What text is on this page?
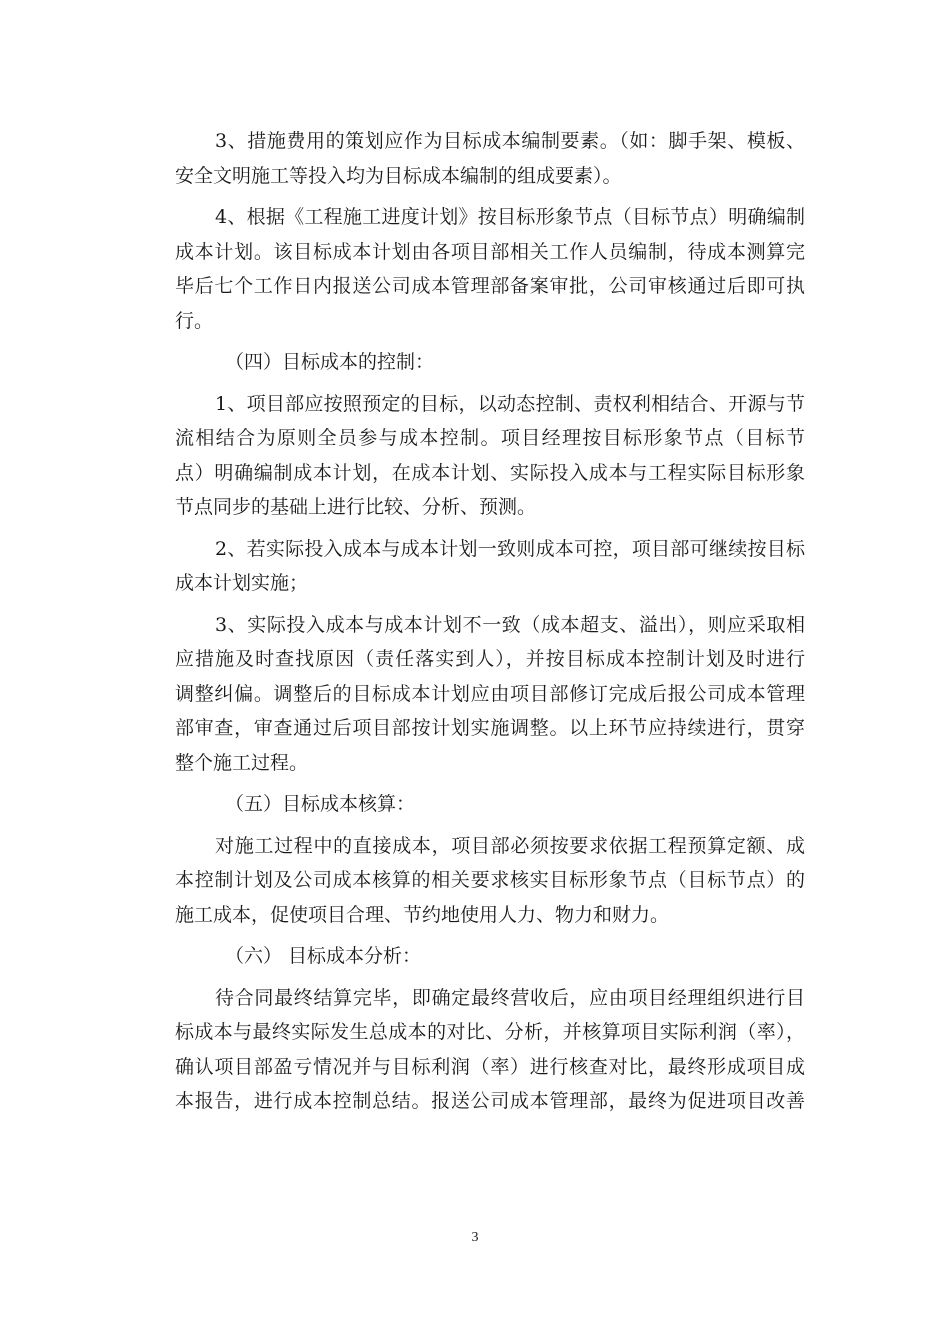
3、措施费用的策划应作为目标成本编制要素。（如：脚手架、模板、
安全文明施工等投入均为目标成本编制的组成要素）。
4、根据《工程施工进度计划》按目标形象节点（目标节点）明确编制
成本计划。该目标成本计划由各项目部相关工作人员编制，待成本测算完
毕后七个工作日内报送公司成本管理部备案审批，公司审核通过后即可执
行。
（四）目标成本的控制：
1、项目部应按照预定的目标，以动态控制、责权利相结合、开源与节
流相结合为原则全员参与成本控制。项目经理按目标形象节点（目标节
点）明确编制成本计划，在成本计划、实际投入成本与工程实际目标形象
节点同步的基础上进行比较、分析、预测。
2、若实际投入成本与成本计划一致则成本可控，项目部可继续按目标
成本计划实施；
3、实际投入成本与成本计划不一致（成本超支、溢出），则应采取相
应措施及时查找原因（责任落实到人），并按目标成本控制计划及时进行
调整纠偏。调整后的目标成本计划应由项目部修订完成后报公司成本管理
部审查，审查通过后项目部按计划实施调整。以上环节应持续进行，贯穿
整个施工过程。
（五）目标成本核算：
对施工过程中的直接成本，项目部必须按要求依据工程预算定额、成
本控制计划及公司成本核算的相关要求核实目标形象节点（目标节点）的
施工成本，促使项目合理、节约地使用人力、物力和财力。
（六） 目标成本分析：
待合同最终结算完毕，即确定最终营收后，应由项目经理组织进行目
标成本与最终实际发生总成本的对比、分析，并核算项目实际利润（率），
确认项目部盈亏情况并与目标利润（率）进行核查对比，最终形成项目成
本报告，进行成本控制总结。报送公司成本管理部，最终为促进项目改善
3
